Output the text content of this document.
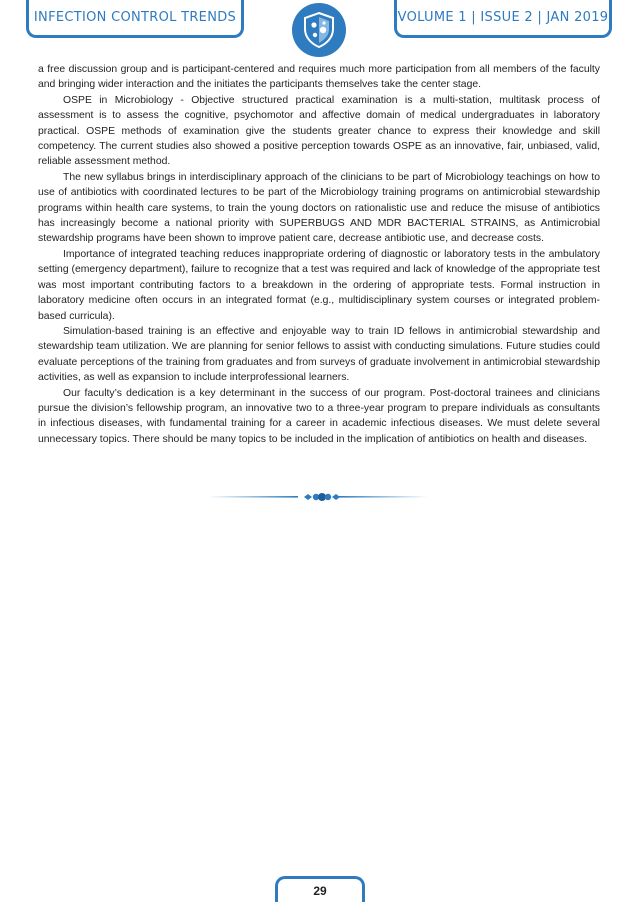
INFECTION CONTROL TRENDS	VOLUME 1 | ISSUE 2 | JAN 2019

a free discussion group and is participant-centered and requires much more participation from all members of the faculty and bringing wider interaction and the initiates the participants themselves take the center stage.

OSPE in Microbiology - Objective structured practical examination is a multi-station, multitask process of assessment is to assess the cognitive, psychomotor and affective domain of medical undergraduates in laboratory practical. OSPE methods of examination give the students greater chance to express their knowledge and skill competency. The current studies also showed a positive perception towards OSPE as an innovative, fair, unbiased, valid, reliable assessment method.

The new syllabus brings in interdisciplinary approach of the clinicians to be part of Microbiology teachings on how to use of antibiotics with coordinated lectures to be part of the Microbiology training programs on antimicrobial stewardship programs within health care systems, to train the young doctors on rationalistic use and reduce the misuse of antibiotics has increasingly become a national priority with SUPERBUGS AND MDR BACTERIAL STRAINS, as Antimicrobial stewardship programs have been shown to improve patient care, decrease antibiotic use, and decrease costs.

Importance of integrated teaching reduces inappropriate ordering of diagnostic or laboratory tests in the ambulatory setting (emergency department), failure to recognize that a test was required and lack of knowledge of the appropriate test was most important contributing factors to a breakdown in the ordering of appropriate tests. Formal instruction in laboratory medicine often occurs in an integrated format (e.g., multidisciplinary system courses or integrated problem-based curricula).

Simulation-based training is an effective and enjoyable way to train ID fellows in antimicrobial stewardship and stewardship team utilization. We are planning for senior fellows to assist with conducting simulations. Future studies could evaluate perceptions of the training from graduates and from surveys of graduate involvement in antimicrobial stewardship activities, as well as expansion to include interprofessional learners.

Our faculty’s dedication is a key determinant in the success of our program. Post-doctoral trainees and clinicians pursue the division’s fellowship program, an innovative two to a three-year program to prepare individuals as consultants in infectious diseases, with fundamental training for a career in academic infectious diseases. We must delete several unnecessary topics. There should be many topics to be included in the implication of antibiotics on health and diseases.

29
